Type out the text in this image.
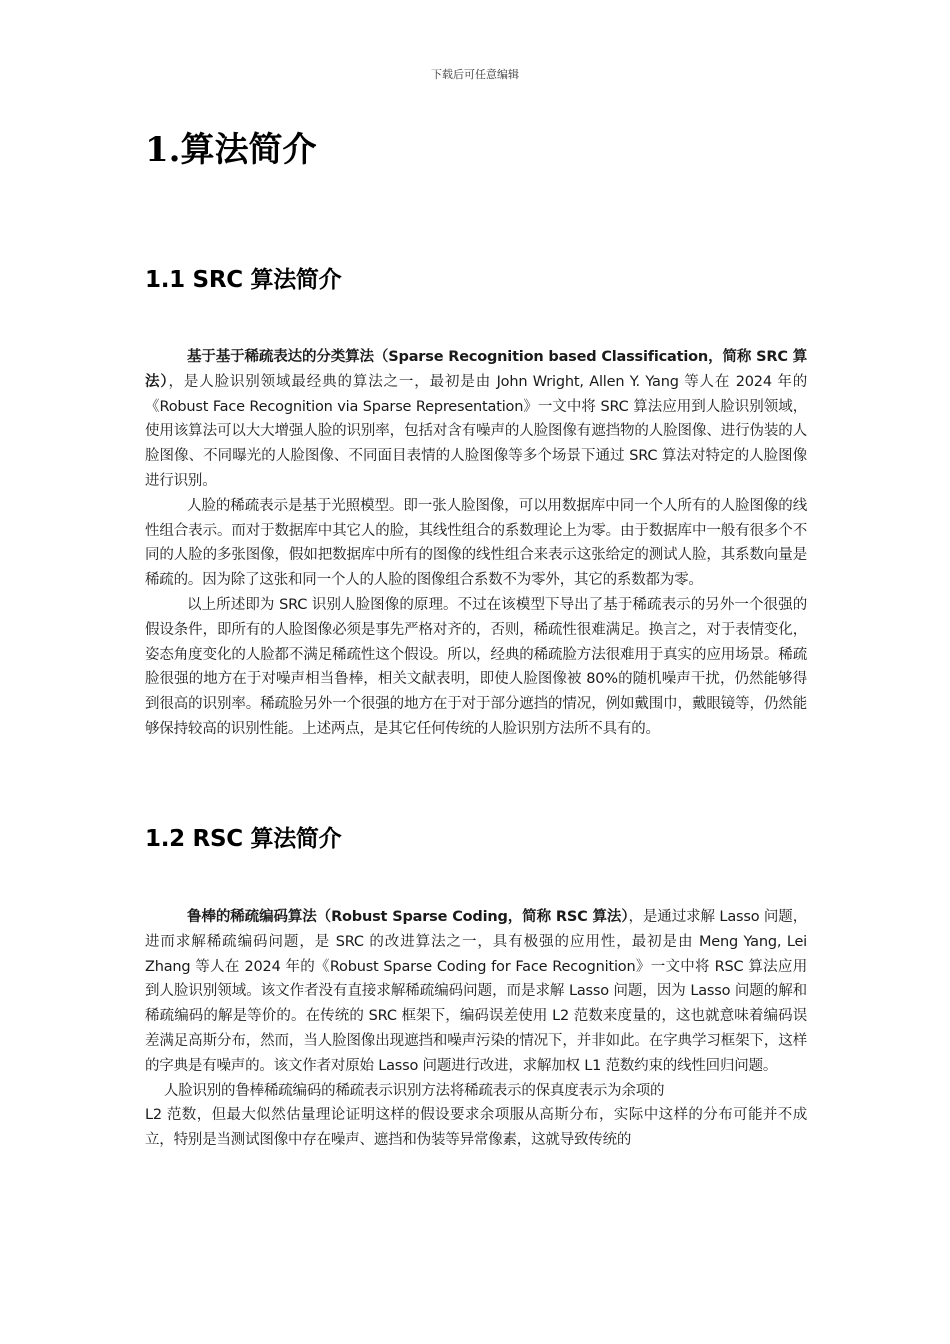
下载后可任意编辑
1.算法简介
1.1 SRC 算法简介

基于基于稀疏表达的分类算法（Sparse Recognition based Classification，简称 SRC 算法），是人脸识别领域最经典的算法之一，最初是由 John Wright, Allen Y. Yang 等人在 2024 年的《Robust Face Recognition via Sparse Representation》一文中将 SRC 算法应用到人脸识别领域，使用该算法可以大大增强人脸的识别率，包括对含有噪声的人脸图像有遮挡物的人脸图像、进行伪装的人脸图像、不同曝光的人脸图像、不同面目表情的人脸图像等多个场景下通过 SRC 算法对特定的人脸图像进行识别。

人脸的稀疏表示是基于光照模型。即一张人脸图像，可以用数据库中同一个人所有的人脸图像的线性组合表示。而对于数据库中其它人的脸，其线性组合的系数理论上为零。由于数据库中一般有很多个不同的人脸的多张图像，假如把数据库中所有的图像的线性组合来表示这张给定的测试人脸，其系数向量是稀疏的。因为除了这张和同一个人的人脸的图像组合系数不为零外，其它的系数都为零。

以上所述即为 SRC 识别人脸图像的原理。不过在该模型下导出了基于稀疏表示的另外一个很强的假设条件，即所有的人脸图像必须是事先严格对齐的，否则，稀疏性很难满足。换言之，对于表情变化，姿态角度变化的人脸都不满足稀疏性这个假设。所以，经典的稀疏脸方法很难用于真实的应用场景。稀疏脸很强的地方在于对噪声相当鲁棒，相关文献表明，即使人脸图像被 80%的随机噪声干扰，仍然能够得到很高的识别率。稀疏脸另外一个很强的地方在于对于部分遮挡的情况，例如戴围巾，戴眼镜等，仍然能够保持较高的识别性能。上述两点，是其它任何传统的人脸识别方法所不具有的。

1.2 RSC 算法简介

鲁棒的稀疏编码算法（Robust Sparse Coding，简称 RSC 算法），是通过求解 Lasso 问题，进而求解稀疏编码问题，是 SRC 的改进算法之一，具有极强的应用性，最初是由 Meng Yang, Lei Zhang 等人在 2024 年的《Robust Sparse Coding for Face Recognition》一文中将 RSC 算法应用到人脸识别领域。该文作者没有直接求解稀疏编码问题，而是求解 Lasso 问题，因为 Lasso 问题的解和稀疏编码的解是等价的。在传统的 SRC 框架下，编码误差使用 L2 范数来度量的，这也就意味着编码误差满足高斯分布，然而，当人脸图像出现遮挡和噪声污染的情况下，并非如此。在字典学习框架下，这样的字典是有噪声的。该文作者对原始 Lasso 问题进行改进，求解加权 L1 范数约束的线性回归问题。

人脸识别的鲁棒稀疏编码的稀疏表示识别方法将稀疏表示的保真度表示为余项的

L2 范数，但最大似然估量理论证明这样的假设要求余项服从高斯分布，实际中这样的分布可能并不成立，特别是当测试图像中存在噪声、遮挡和伪装等异常像素，这就导致传统的
